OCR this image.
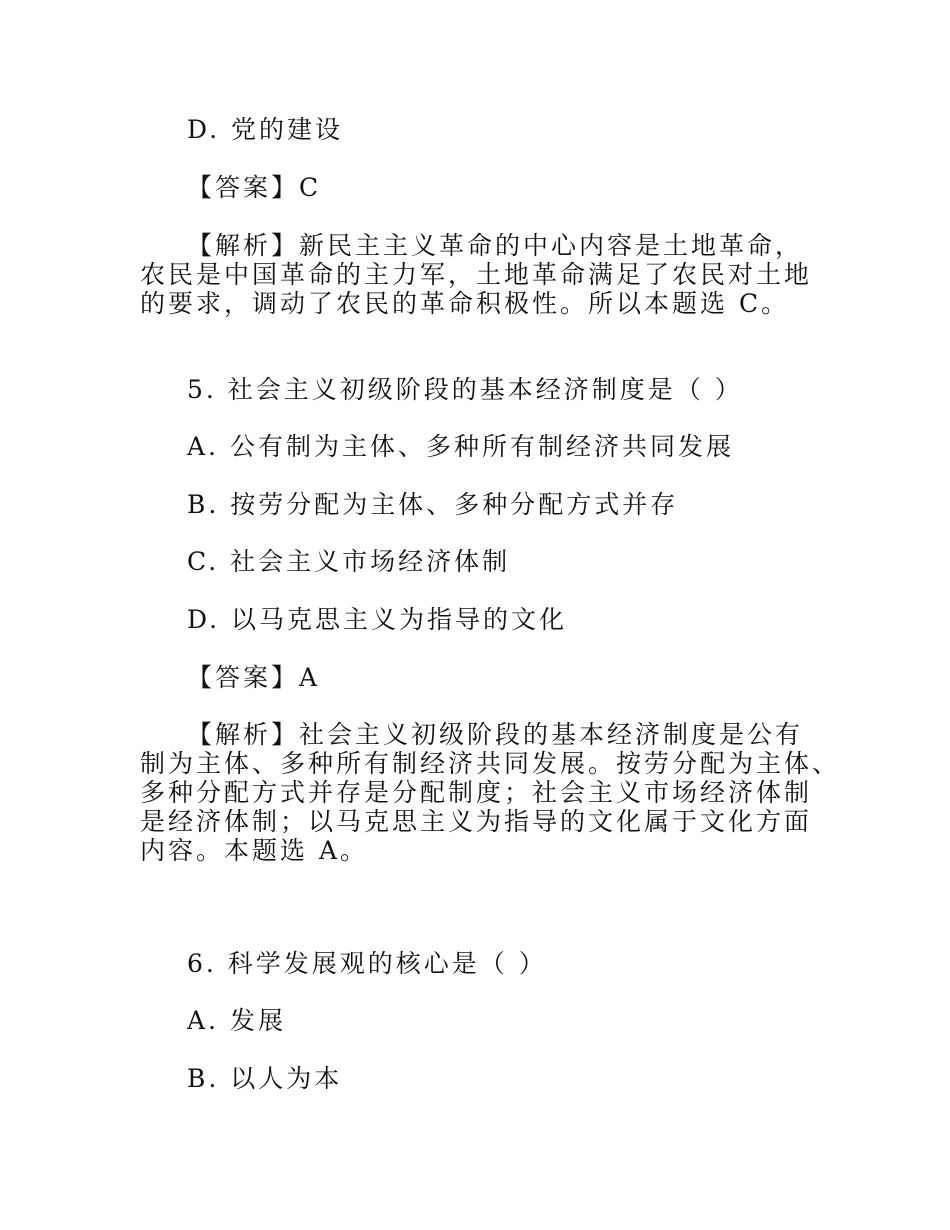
D. 党的建设
【答案】C
【解析】新民主主义革命的中心内容是土地革命，
农民是中国革命的主力军，土地革命满足了农民对土地
的要求，调动了农民的革命积极性。所以本题选 C。
5. 社会主义初级阶段的基本经济制度是（ ）
A. 公有制为主体、多种所有制经济共同发展
B. 按劳分配为主体、多种分配方式并存
C. 社会主义市场经济体制
D. 以马克思主义为指导的文化
【答案】A
【解析】社会主义初级阶段的基本经济制度是公有
制为主体、多种所有制经济共同发展。按劳分配为主体、
多种分配方式并存是分配制度；社会主义市场经济体制
是经济体制；以马克思主义为指导的文化属于文化方面
内容。本题选 A。
6. 科学发展观的核心是（ ）
A. 发展
B. 以人为本
